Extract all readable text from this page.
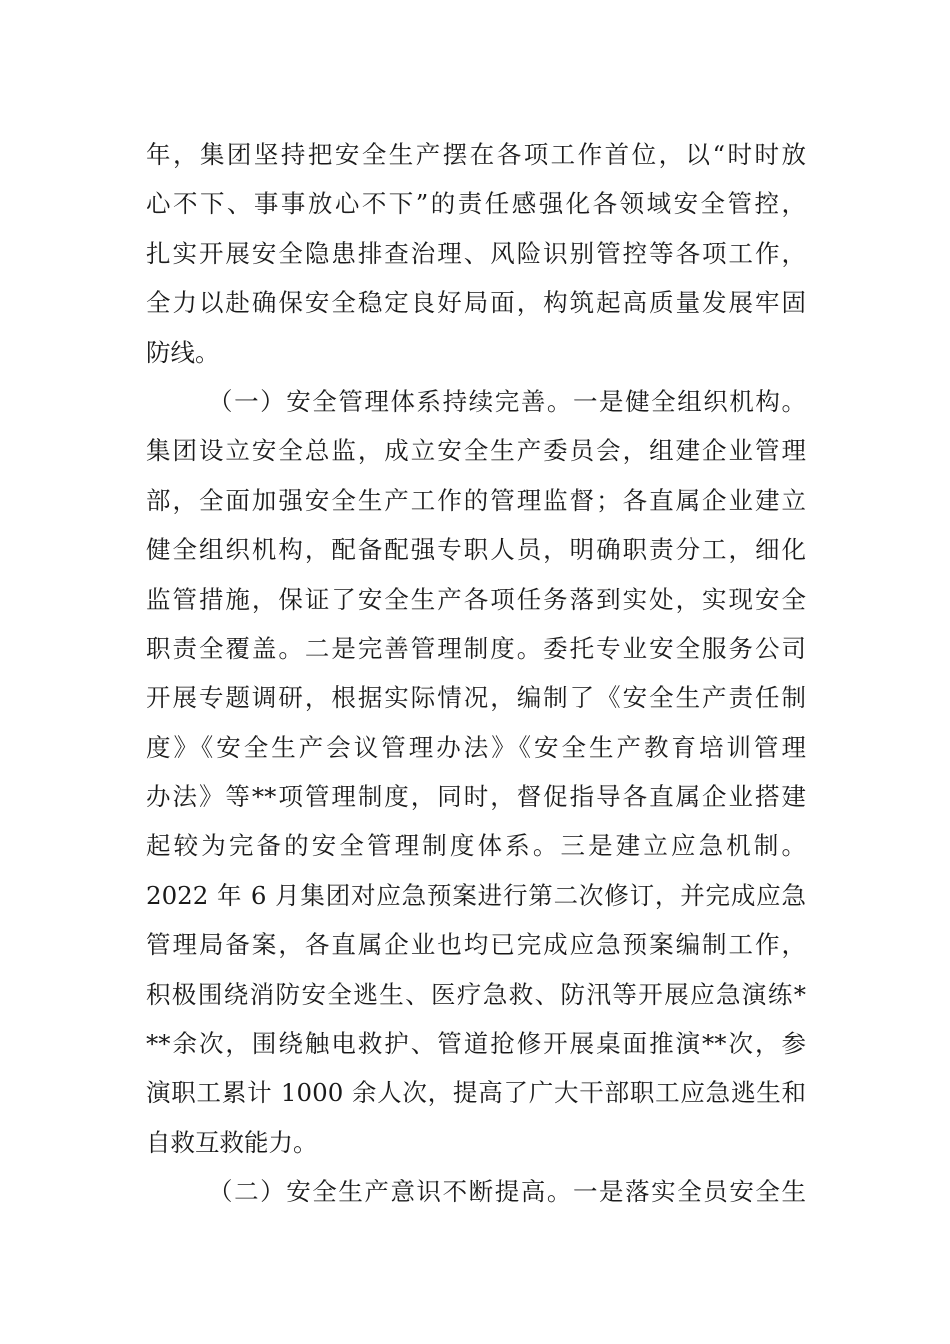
年，集团坚持把安全生产摆在各项工作首位，以“时时放
心不下、事事放心不下”的责任感强化各领域安全管控，
扎实开展安全隐患排查治理、风险识别管控等各项工作，
全力以赴确保安全稳定良好局面，构筑起高质量发展牢固
防线。
（一）安全管理体系持续完善。一是健全组织机构。
集团设立安全总监，成立安全生产委员会，组建企业管理
部，全面加强安全生产工作的管理监督；各直属企业建立
健全组织机构，配备配强专职人员，明确职责分工，细化
监管措施，保证了安全生产各项任务落到实处，实现安全
职责全覆盖。二是完善管理制度。委托专业安全服务公司
开展专题调研，根据实际情况，编制了《安全生产责任制
度》《安全生产会议管理办法》《安全生产教育培训管理
办法》等**项管理制度，同时，督促指导各直属企业搭建
起较为完备的安全管理制度体系。三是建立应急机制。
2022 年 6 月集团对应急预案进行第二次修订，并完成应急
管理局备案，各直属企业也均已完成应急预案编制工作，
积极围绕消防安全逃生、医疗急救、防汛等开展应急演练*
**余次，围绕触电救护、管道抢修开展桌面推演**次，参
演职工累计 1000 余人次，提高了广大干部职工应急逃生和
自救互救能力。
（二）安全生产意识不断提高。一是落实全员安全生
